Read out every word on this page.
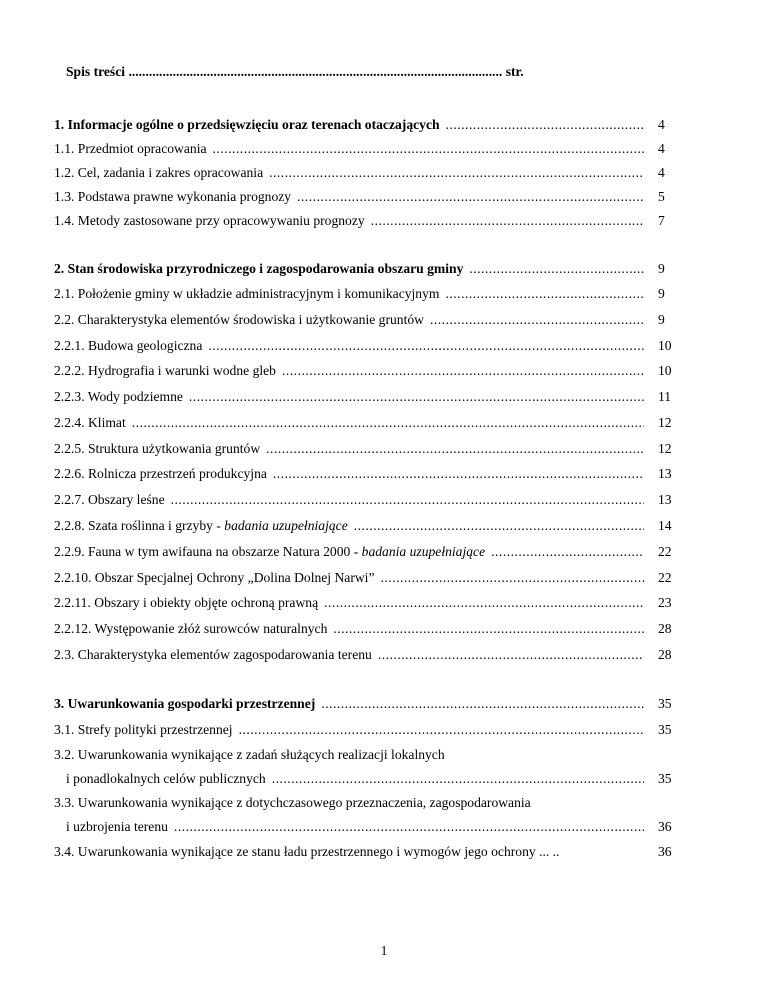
Spis treści .............................................................................................................. str.
1. Informacje ogólne o przedsięwzięciu oraz terenach otaczających .....	4
1.1. Przedmiot opracowania .....	4
1.2. Cel, zadania i zakres opracowania .....	4
1.3. Podstawa prawne wykonania prognozy .....	5
1.4. Metody zastosowane przy opracowywaniu prognozy .....	7
2. Stan środowiska przyrodniczego i zagospodarowania obszaru gminy .....	9
2.1. Położenie gminy w układzie administracyjnym i komunikacyjnym .....	9
2.2. Charakterystyka elementów środowiska i użytkowanie gruntów .....	9
2.2.1. Budowa geologiczna .....	10
2.2.2. Hydrografia i warunki wodne gleb .....	10
2.2.3. Wody podziemne .....	11
2.2.4. Klimat .....	12
2.2.5. Struktura użytkowania gruntów .....	12
2.2.6. Rolnicza przestrzeń produkcyjna .....	13
2.2.7. Obszary leśne .....	13
2.2.8. Szata roślinna i grzyby - badania uzupełniające .....	14
2.2.9. Fauna w tym awifauna na obszarze Natura 2000 - badania uzupełniające .....	22
2.2.10. Obszar Specjalnej Ochrony „Dolina Dolnej Narwi” .....	22
2.2.11. Obszary i obiekty objęte ochroną prawną .....	23
2.2.12. Występowanie złóż surowców naturalnych .....	28
2.3. Charakterystyka elementów zagospodarowania terenu .....	28
3. Uwarunkowania gospodarki przestrzennej .....	35
3.1. Strefy polityki przestrzennej .....	35
3.2. Uwarunkowania wynikające z zadań służących realizacji lokalnych
i ponadlokalnych celów publicznych .....	35
3.3. Uwarunkowania wynikające z dotychczasowego przeznaczenia, zagospodarowania
i uzbrojenia terenu .....	36
3.4. Uwarunkowania wynikające ze stanu ładu przestrzennego i wymogów jego ochrony ... ..	36
1
